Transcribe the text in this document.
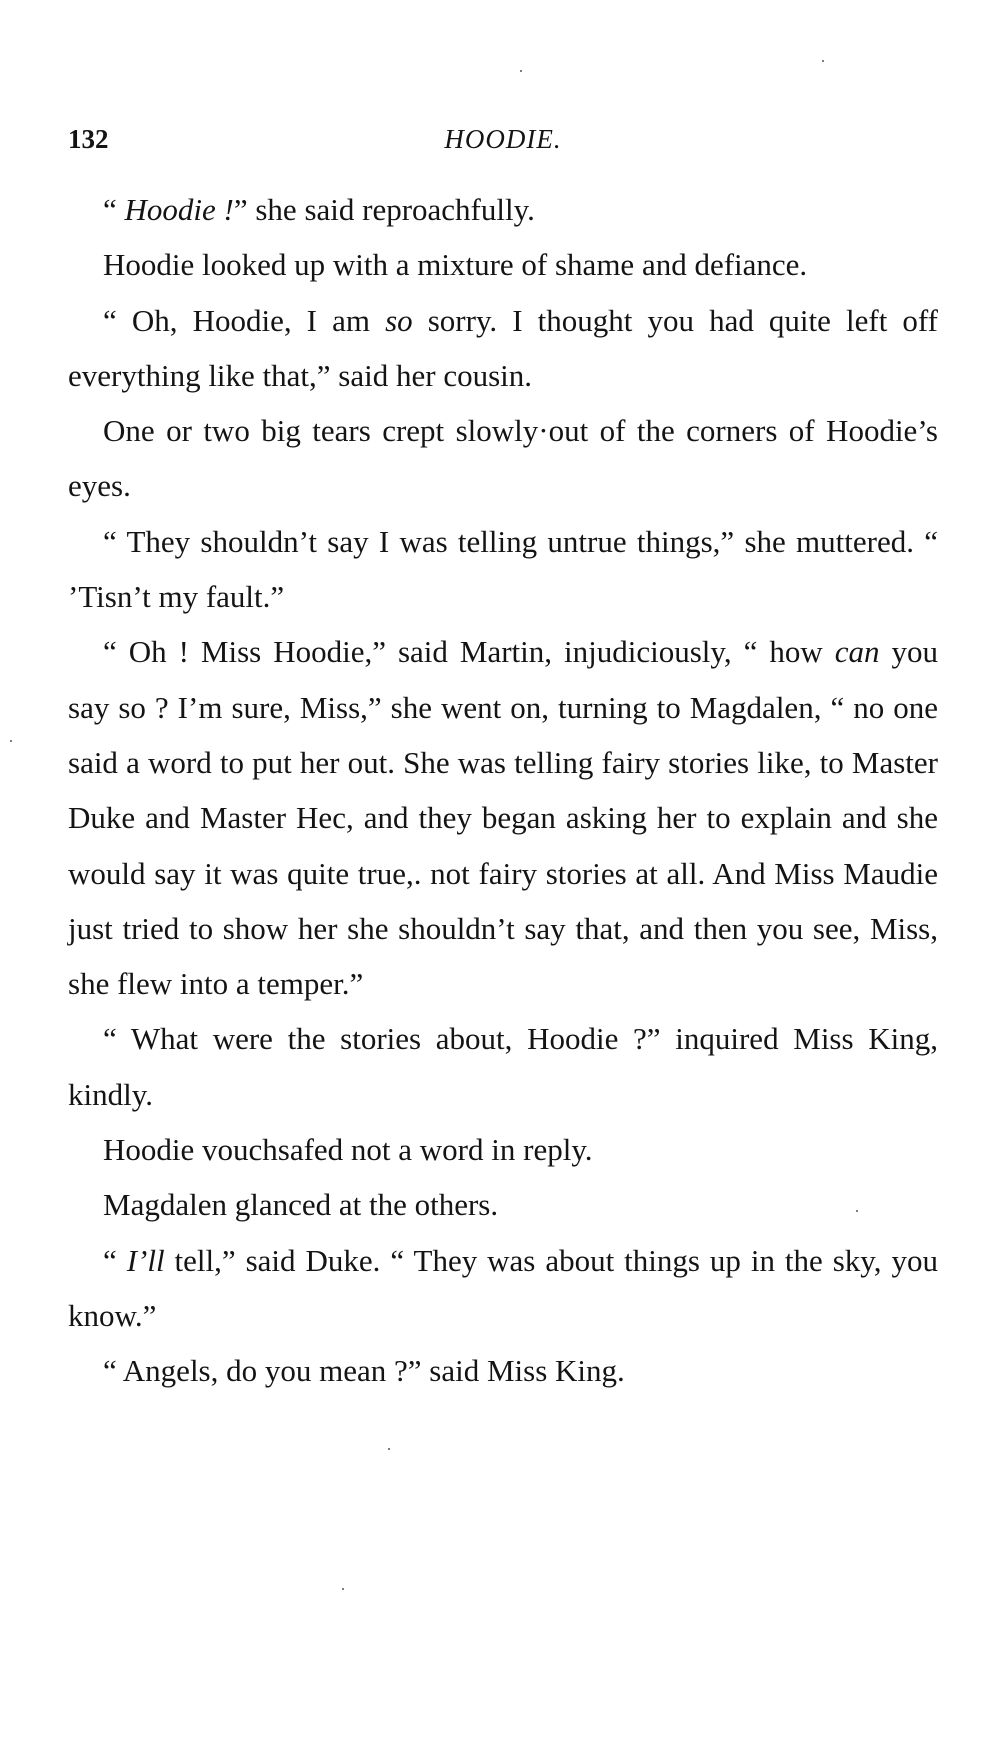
132	HOODIE.

“ Hoodie !” she said reproachfully.

Hoodie looked up with a mixture of shame and defiance.

“ Oh, Hoodie, I am so sorry. I thought you had quite left off everything like that,” said her cousin.

One or two big tears crept slowly·out of the corners of Hoodie’s eyes.

“ They shouldn’t say I was telling untrue things,” she muttered. “ ’Tisn’t my fault.”

“ Oh ! Miss Hoodie,” said Martin, injudiciously, “ how can you say so ? I’m sure, Miss,” she went on, turning to Magdalen, “ no one said a word to put her out. She was telling fairy stories like, to Master Duke and Master Hec, and they began asking her to explain and she would say it was quite true,. not fairy stories at all. And Miss Maudie just tried to show her she shouldn’t say that, and then you see, Miss, she flew into a temper.”

“ What were the stories about, Hoodie ?” inquired Miss King, kindly.

Hoodie vouchsafed not a word in reply.

Magdalen glanced at the others.

“ I’ll tell,” said Duke. “ They was about things up in the sky, you know.”

“ Angels, do you mean ?” said Miss King.
